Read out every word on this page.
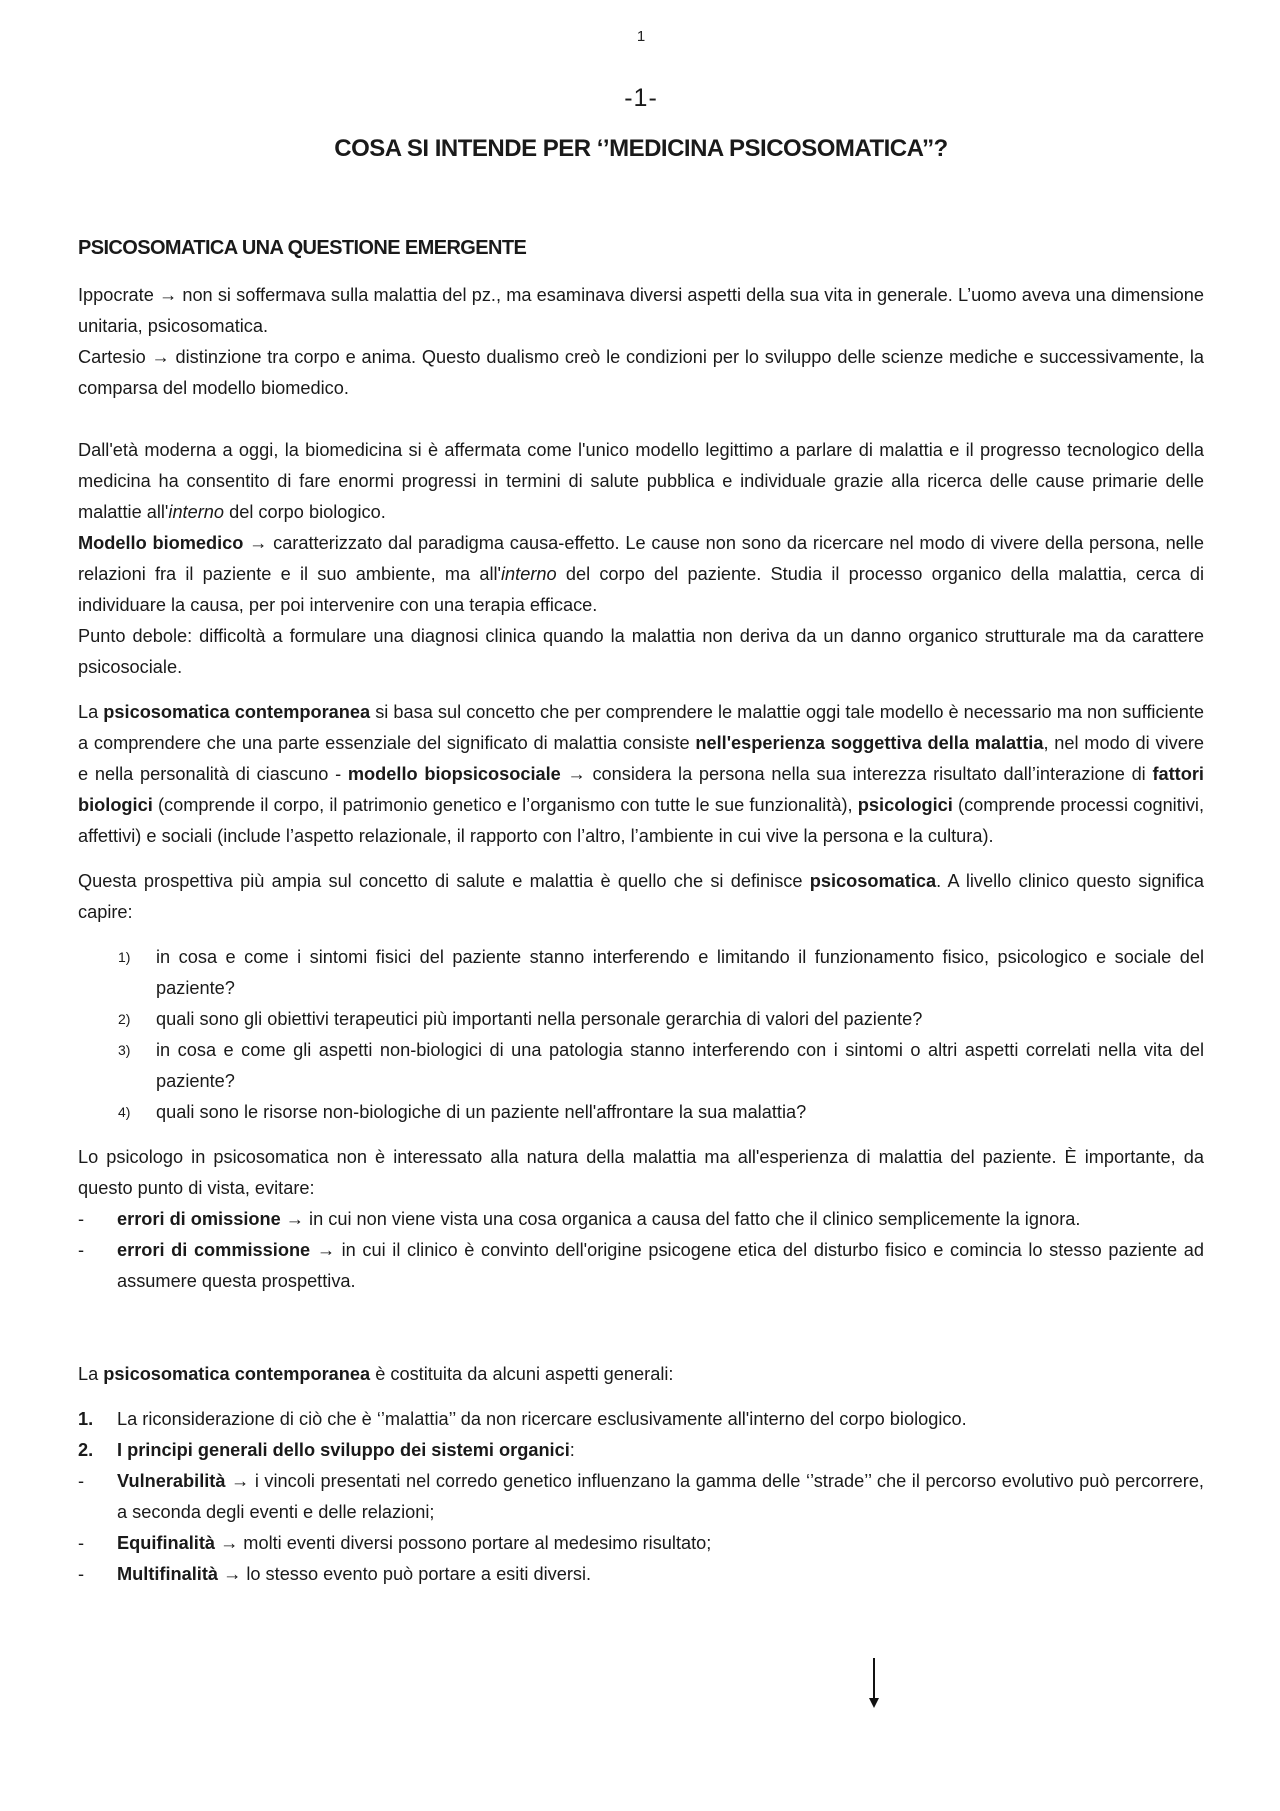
1
-1-
COSA SI INTENDE PER ‘’MEDICINA PSICOSOMATICA’’?
PSICOSOMATICA UNA QUESTIONE EMERGENTE

Ippocrate → non si soffermava sulla malattia del pz., ma esaminava diversi aspetti della sua vita in generale. L’uomo aveva una dimensione unitaria, psicosomatica.

Cartesio → distinzione tra corpo e anima. Questo dualismo creò le condizioni per lo sviluppo delle scienze mediche e successivamente, la comparsa del modello biomedico.

Dall'età moderna a oggi, la biomedicina si è affermata come l'unico modello legittimo a parlare di malattia e il progresso tecnologico della medicina ha consentito di fare enormi progressi in termini di salute pubblica e individuale grazie alla ricerca delle cause primarie delle malattie all'interno del corpo biologico.

Modello biomedico → caratterizzato dal paradigma causa-effetto. Le cause non sono da ricercare nel modo di vivere della persona, nelle relazioni fra il paziente e il suo ambiente, ma all'interno del corpo del paziente. Studia il processo organico della malattia, cerca di individuare la causa, per poi intervenire con una terapia efficace.

Punto debole: difficoltà a formulare una diagnosi clinica quando la malattia non deriva da un danno organico strutturale ma da carattere psicosociale.

La psicosomatica contemporanea si basa sul concetto che per comprendere le malattie oggi tale modello è necessario ma non sufficiente a comprendere che una parte essenziale del significato di malattia consiste nell'esperienza soggettiva della malattia, nel modo di vivere e nella personalità di ciascuno - modello biopsicosociale → considera la persona nella sua interezza risultato dall’interazione di fattori biologici (comprende il corpo, il patrimonio genetico e l’organismo con tutte le sue funzionalità), psicologici (comprende processi cognitivi, affettivi) e sociali (include l’aspetto relazionale, il rapporto con l’altro, l’ambiente in cui vive la persona e la cultura).

Questa prospettiva più ampia sul concetto di salute e malattia è quello che si definisce psicosomatica. A livello clinico questo significa capire:

1)	in cosa e come i sintomi fisici del paziente stanno interferendo e limitando il funzionamento fisico, psicologico e sociale del paziente?
2)	quali sono gli obiettivi terapeutici più importanti nella personale gerarchia di valori del paziente?
3)	in cosa e come gli aspetti non-biologici di una patologia stanno interferendo con i sintomi o altri aspetti correlati nella vita del paziente?
4)	quali sono le risorse non-biologiche di un paziente nell'affrontare la sua malattia?

Lo psicologo in psicosomatica non è interessato alla natura della malattia ma all'esperienza di malattia del paziente. È importante, da questo punto di vista, evitare:

-	errori di omissione → in cui non viene vista una cosa organica a causa del fatto che il clinico semplicemente la ignora.
-	errori di commissione → in cui il clinico è convinto dell'origine psicogene etica del disturbo fisico e comincia lo stesso paziente ad assumere questa prospettiva.

La psicosomatica contemporanea è costituita da alcuni aspetti generali:

1.	La riconsiderazione di ciò che è ‘’malattia’’ da non ricercare esclusivamente all'interno del corpo biologico.
2.	I principi generali dello sviluppo dei sistemi organici:
-	Vulnerabilità → i vincoli presentati nel corredo genetico influenzano la gamma delle ‘’strade’’ che il percorso evolutivo può percorrere, a seconda degli eventi e delle relazioni;
-	Equifinalità → molti eventi diversi possono portare al medesimo risultato;
-	Multifinalità → lo stesso evento può portare a esiti diversi.
